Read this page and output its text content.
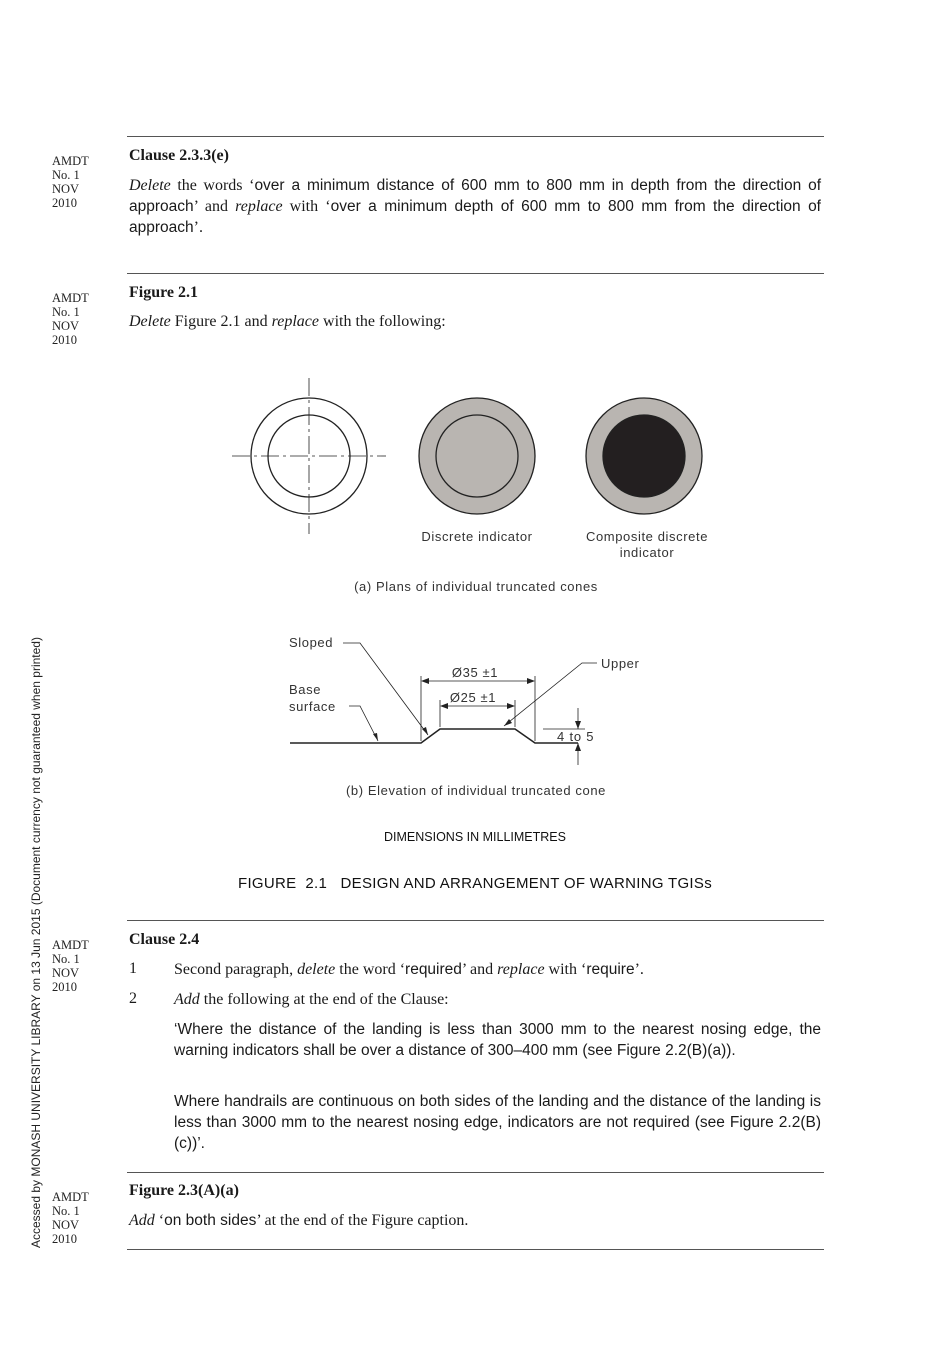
Accessed by MONASH UNIVERSITY LIBRARY on 13 Jun 2015 (Document currency not guaranteed when printed)
AMDT
No. 1
NOV
2010
Clause 2.3.3(e)
Delete the words ‘over a minimum distance of 600 mm to 800 mm in depth from the direction of approach’ and replace with ‘over a minimum depth of 600 mm to 800 mm from the direction of approach’.
AMDT
No. 1
NOV
2010
Figure 2.1
Delete Figure 2.1 and replace with the following:
Discrete indicator	Composite discrete
indicator
(a) Plans of individual truncated cones
Sloped
Upper
Base
surface
Ø35 ±1
Ø25 ±1
4 to 5
(b) Elevation of individual truncated cone
DIMENSIONS IN MILLIMETRES
FIGURE  2.1   DESIGN AND ARRANGEMENT OF WARNING TGISs
AMDT
No. 1
NOV
2010
Clause 2.4
1 Second paragraph, delete the word ‘required’ and replace with ‘require’.
2 Add the following at the end of the Clause:
‘Where the distance of the landing is less than 3000 mm to the nearest nosing edge, the warning indicators shall be over a distance of 300–400 mm (see Figure 2.2(B)(a)).
Where handrails are continuous on both sides of the landing and the distance of the landing is less than 3000 mm to the nearest nosing edge, indicators are not required (see Figure 2.2(B)(c))’.
AMDT
No. 1
NOV
2010
Figure 2.3(A)(a)
Add ‘on both sides’ at the end of the Figure caption.
